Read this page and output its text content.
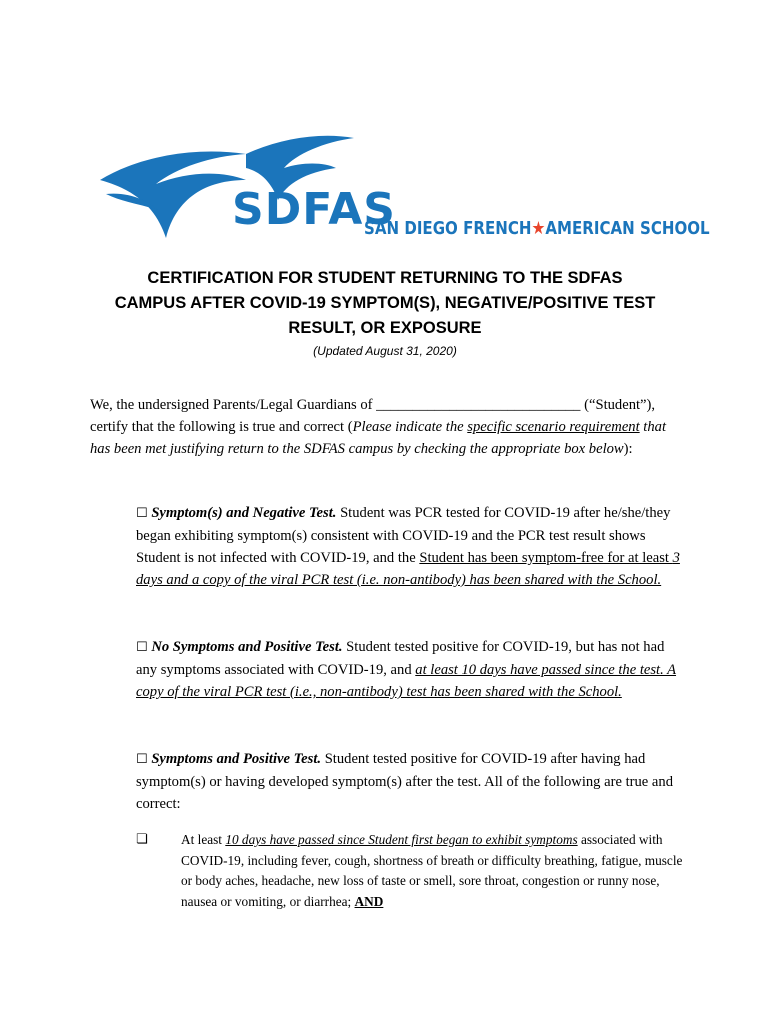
SDFAS
SAN DIEGO FRENCH★AMERICAN SCHOOL
CERTIFICATION FOR STUDENT RETURNING TO THE SDFAS
CAMPUS AFTER COVID-19 SYMPTOM(S), NEGATIVE/POSITIVE TEST
RESULT, OR EXPOSURE
(Updated August 31, 2020)
We, the undersigned Parents/Legal Guardians of ____________________________ (“Student”), certify that the following is true and correct (Please indicate the specific scenario requirement that has been met justifying return to the SDFAS campus by checking the appropriate box below):
☐ Symptom(s) and Negative Test. Student was PCR tested for COVID-19 after he/she/they began exhibiting symptom(s) consistent with COVID-19 and the PCR test result shows Student is not infected with COVID-19, and the Student has been symptom-free for at least 3 days and a copy of the viral PCR test (i.e. non-antibody) has been shared with the School.
☐ No Symptoms and Positive Test. Student tested positive for COVID-19, but has not had any symptoms associated with COVID-19, and at least 10 days have passed since the test. A copy of the viral PCR test (i.e., non-antibody) test has been shared with the School.
☐ Symptoms and Positive Test. Student tested positive for COVID-19 after having had symptom(s) or having developed symptom(s) after the test. All of the following are true and correct:
❏	At least 10 days have passed since Student first began to exhibit symptoms associated with COVID-19, including fever, cough, shortness of breath or difficulty breathing, fatigue, muscle or body aches, headache, new loss of taste or smell, sore throat, congestion or runny nose, nausea or vomiting, or diarrhea; AND
